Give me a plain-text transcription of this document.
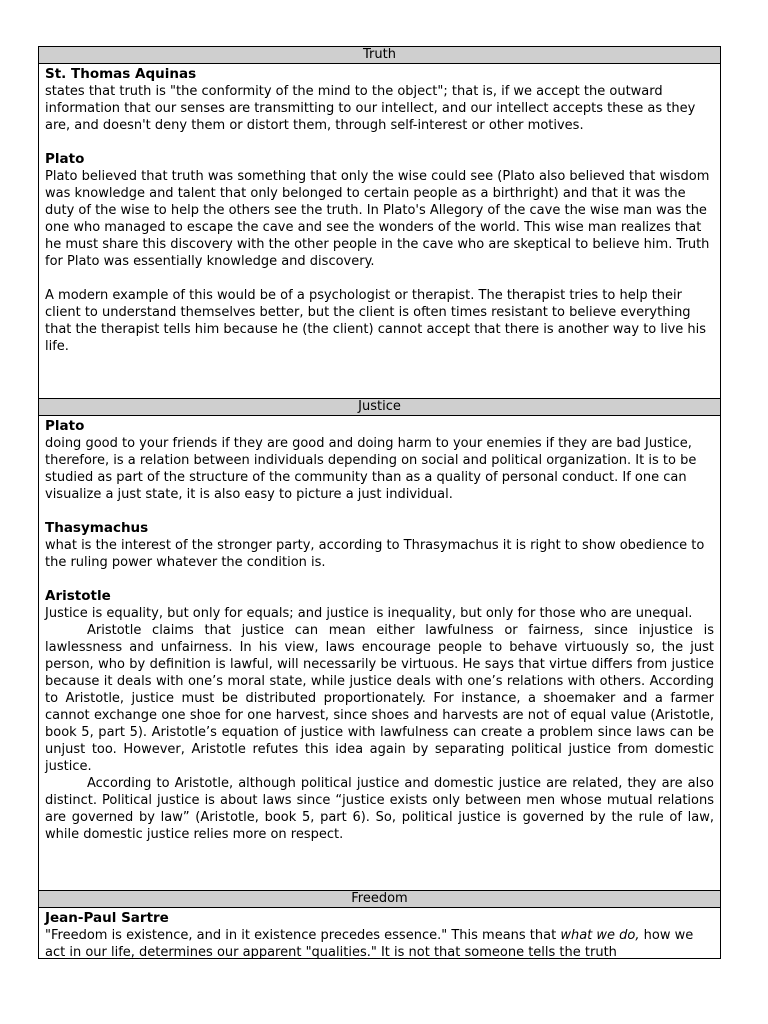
Truth
St. Thomas Aquinas

states that truth is "the conformity of the mind to the object"; that is, if we accept the outward information that our senses are transmitting to our intellect, and our intellect accepts these as they are, and doesn't deny them or distort them, through self-interest or other motives.

Plato

Plato believed that truth was something that only the wise could see (Plato also believed that wisdom was knowledge and talent that only belonged to certain people as a birthright) and that it was the duty of the wise to help the others see the truth. In Plato's Allegory of the cave the wise man was the one who managed to escape the cave and see the wonders of the world. This wise man realizes that he must share this discovery with the other people in the cave who are skeptical to believe him. Truth for Plato was essentially knowledge and discovery.

A modern example of this would be of a psychologist or therapist. The therapist tries to help their client to understand themselves better, but the client is often times resistant to believe everything that the therapist tells him because he (the client) cannot accept that there is another way to live his life.

Justice
Plato

doing good to your friends if they are good and doing harm to your enemies if they are bad Justice, therefore, is a relation between individuals depending on social and political organization. It is to be studied as part of the structure of the community than as a quality of personal conduct. If one can visualize a just state, it is also easy to picture a just individual.

Thasymachus

what is the interest of the stronger party, according to Thrasymachus it is right to show obedience to the ruling power whatever the condition is.

Aristotle

Justice is equality, but only for equals; and justice is inequality, but only for those who are unequal.

Aristotle claims that justice can mean either lawfulness or fairness, since injustice is lawlessness and unfairness. In his view, laws encourage people to behave virtuously so, the just person, who by definition is lawful, will necessarily be virtuous. He says that virtue differs from justice because it deals with one’s moral state, while justice deals with one’s relations with others. According to Aristotle, justice must be distributed proportionately. For instance, a shoemaker and a farmer cannot exchange one shoe for one harvest, since shoes and harvests are not of equal value (Aristotle, book 5, part 5). Aristotle’s equation of justice with lawfulness can create a problem since laws can be unjust too. However, Aristotle refutes this idea again by separating political justice from domestic justice.

According to Aristotle, although political justice and domestic justice are related, they are also distinct. Political justice is about laws since “justice exists only between men whose mutual relations are governed by law” (Aristotle, book 5, part 6). So, political justice is governed by the rule of law, while domestic justice relies more on respect.

Freedom
Jean-Paul Sartre

"Freedom is existence, and in it existence precedes essence." This means that what we do, how we act in our life, determines our apparent "qualities." It is not that someone tells the truth
